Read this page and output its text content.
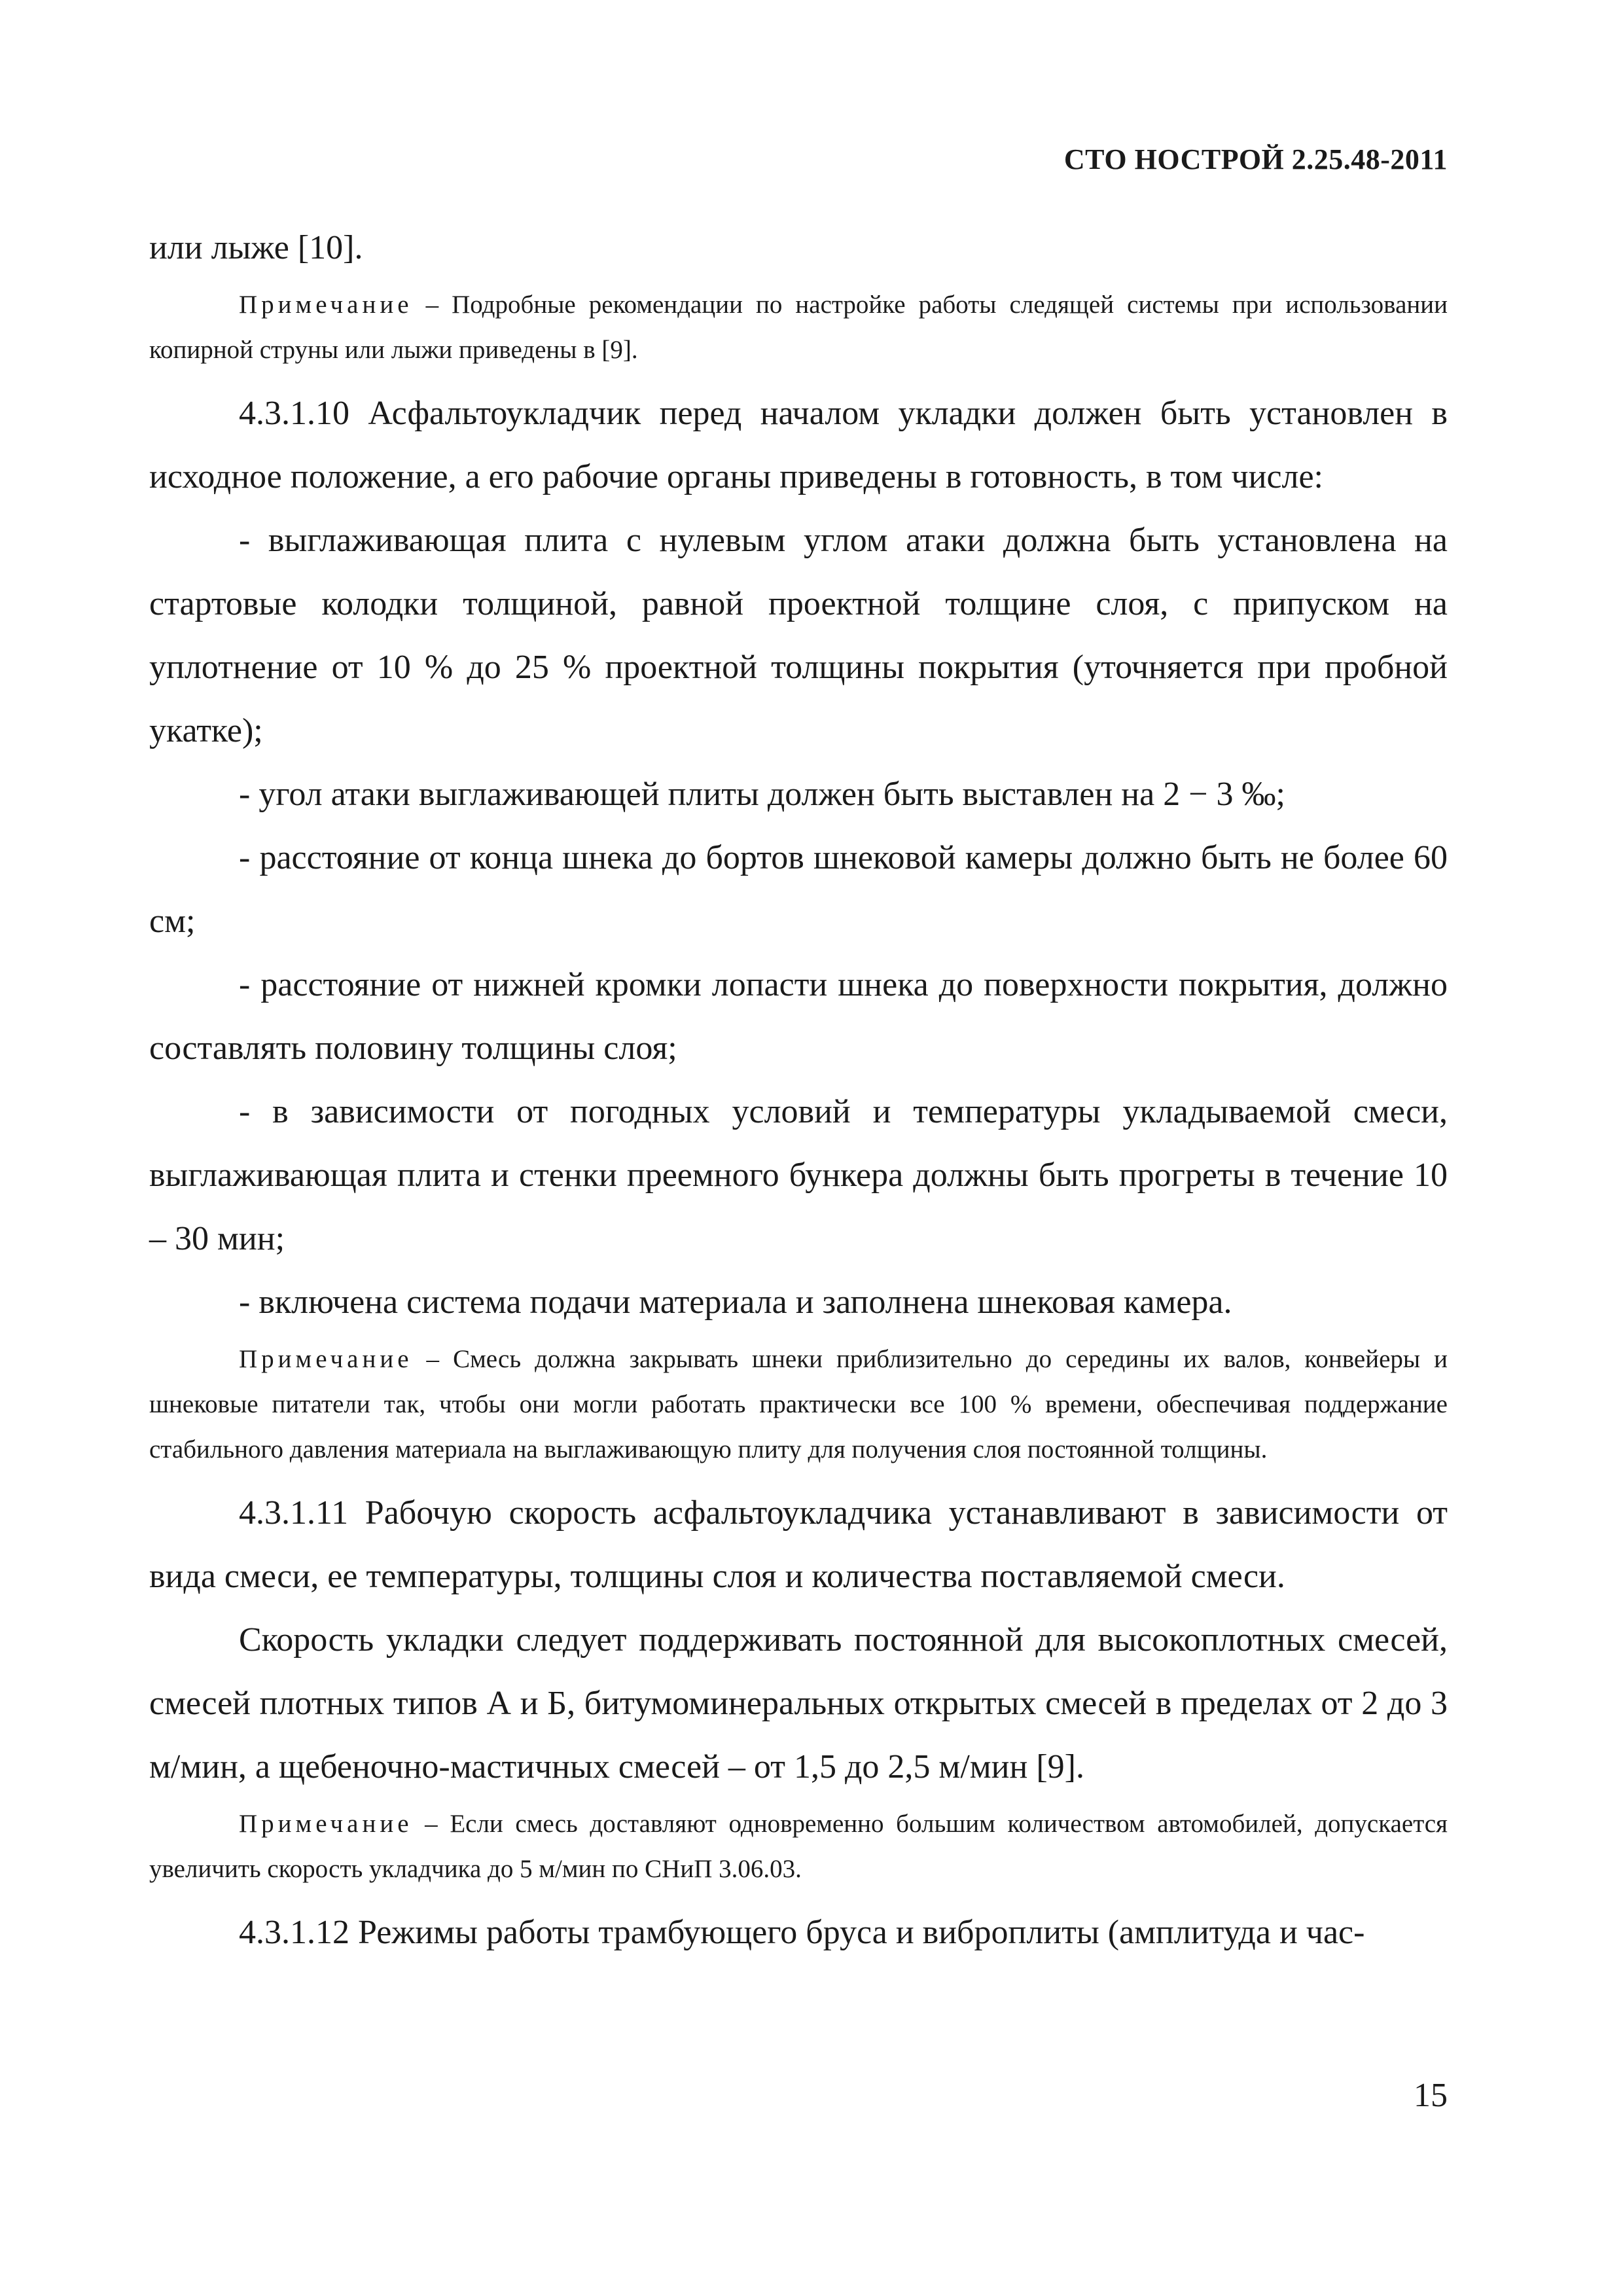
СТО НОСТРОЙ 2.25.48-2011

или лыже [10].

Примечание – Подробные рекомендации по настройке работы следящей системы при использовании копирной струны или лыжи приведены в [9].

4.3.1.10 Асфальтоукладчик перед началом укладки должен быть установлен в исходное положение, а его рабочие органы приведены в готовность, в том числе:

- выглаживающая плита с нулевым углом атаки должна быть установлена на стартовые колодки толщиной, равной проектной толщине слоя, с припуском на уплотнение от 10 % до 25 % проектной толщины покрытия (уточняется при пробной укатке);

- угол атаки выглаживающей плиты должен быть выставлен на 2 − 3 ‰;

- расстояние от конца шнека до бортов шнековой камеры должно быть не более 60 см;

- расстояние от нижней кромки лопасти шнека до поверхности покрытия, должно составлять половину толщины слоя;

- в зависимости от погодных условий и температуры укладываемой смеси, выглаживающая плита и стенки преемного бункера должны быть прогреты в течение 10 – 30 мин;

- включена система подачи материала и заполнена шнековая камера.

Примечание – Смесь должна закрывать шнеки приблизительно до середины их валов, конвейеры и шнековые питатели так, чтобы они могли работать практически все 100 % времени, обеспечивая поддержание стабильного давления материала на выглаживающую плиту для получения слоя постоянной толщины.

4.3.1.11 Рабочую скорость асфальтоукладчика устанавливают в зависимости от вида смеси, ее температуры, толщины слоя и количества поставляемой смеси.

Скорость укладки следует поддерживать постоянной для высокоплотных смесей, смесей плотных типов А и Б, битумоминеральных открытых смесей в пределах от 2 до 3 м/мин, а щебеночно-мастичных смесей – от 1,5 до 2,5 м/мин [9].

Примечание – Если смесь доставляют одновременно большим количеством автомобилей, допускается увеличить скорость укладчика до 5 м/мин по СНиП 3.06.03.

4.3.1.12 Режимы работы трамбующего бруса и виброплиты (амплитуда и час-

15
